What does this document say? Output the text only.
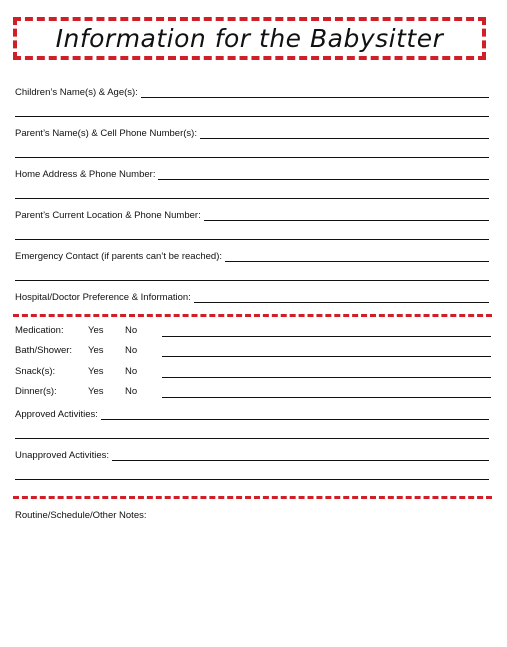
Information for the Babysitter
Children’s Name(s) & Age(s):
Parent’s Name(s) & Cell Phone Number(s):
Home Address & Phone Number:
Parent’s Current Location & Phone Number:
Emergency Contact (if parents can’t be reached):
Hospital/Doctor Preference & Information:
Medication:	Yes No
Bath/Shower: Yes No
Snack(s):	Yes No
Dinner(s):	Yes No
Approved Activities:
Unapproved Activities:
Routine/Schedule/Other Notes:
